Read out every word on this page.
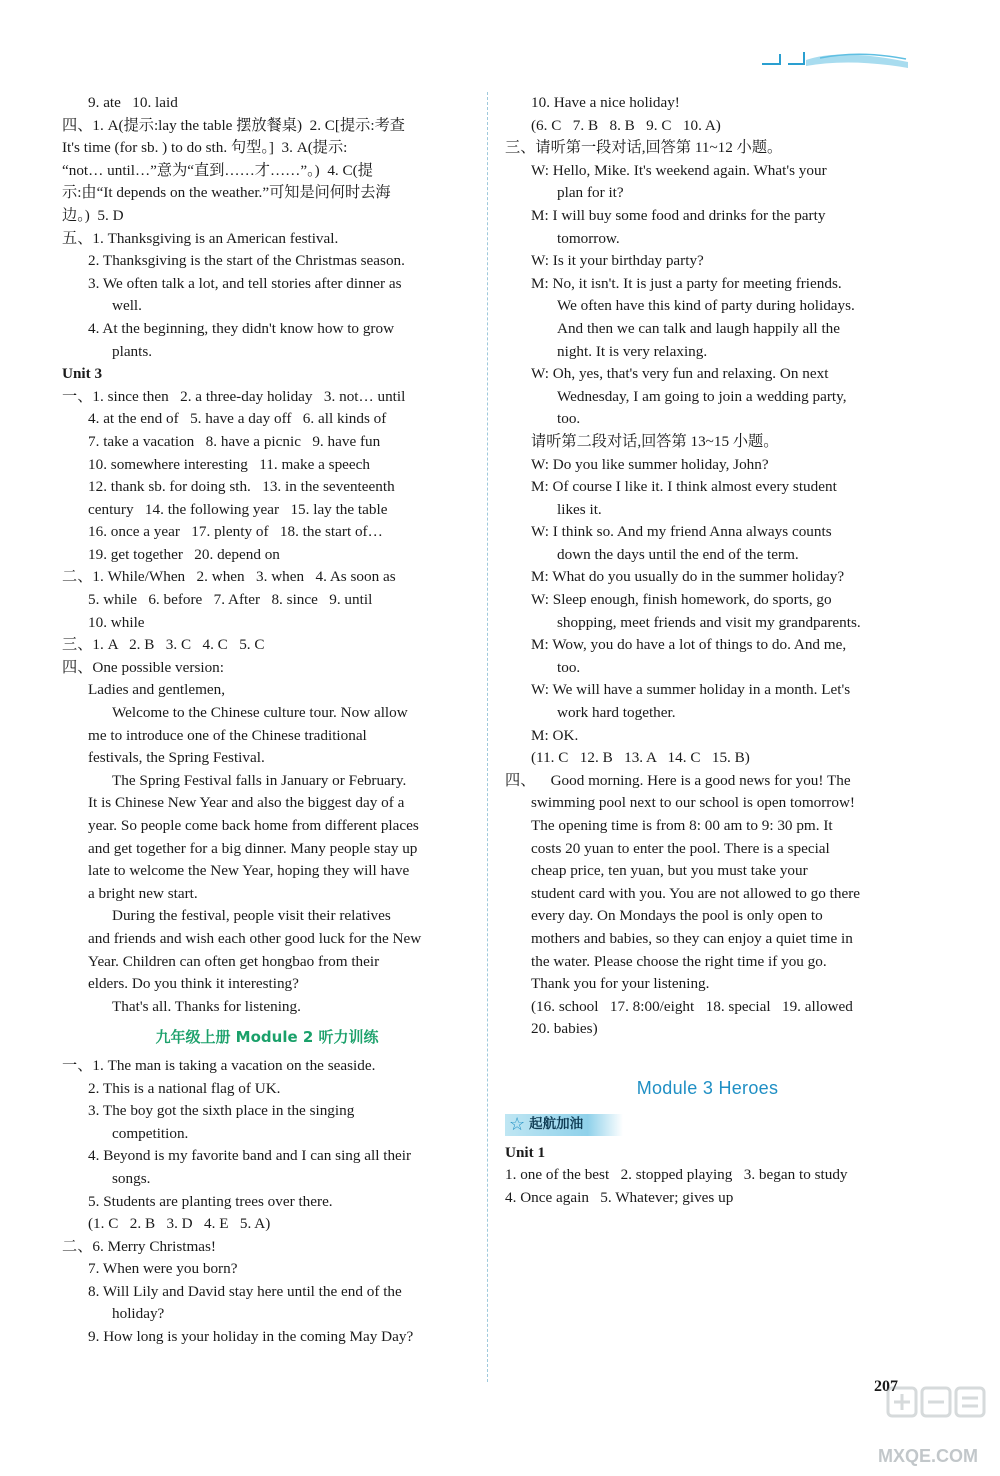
9. ate   10. laid
四、1. A(提示:lay the table 摆放餐桌)  2. C[提示:考查
It's time (for sb. ) to do sth. 句型。]  3. A(提示:
“not… until…”意为“直到……才……”。)  4. C(提
示:由“It depends on the weather.”可知是问何时去海
边。)  5. D
五、1. Thanksgiving is an American festival.
2. Thanksgiving is the start of the Christmas season.
3. We often talk a lot, and tell stories after dinner as
well.
4. At the beginning, they didn't know how to grow
plants.
Unit 3
一、1. since then   2. a three-day holiday   3. not… until
4. at the end of   5. have a day off   6. all kinds of
7. take a vacation   8. have a picnic   9. have fun
10. somewhere interesting   11. make a speech
12. thank sb. for doing sth.   13. in the seventeenth
century   14. the following year   15. lay the table
16. once a year   17. plenty of   18. the start of…
19. get together   20. depend on
二、1. While/When   2. when   3. when   4. As soon as
5. while   6. before   7. After   8. since   9. until
10. while
三、1. A   2. B   3. C   4. C   5. C
四、One possible version:
Ladies and gentlemen,
Welcome to the Chinese culture tour. Now allow
me to introduce one of the Chinese traditional
festivals, the Spring Festival.
The Spring Festival falls in January or February.
It is Chinese New Year and also the biggest day of a
year. So people come back home from different places
and get together for a big dinner. Many people stay up
late to welcome the New Year, hoping they will have
a bright new start.
During the festival, people visit their relatives
and friends and wish each other good luck for the New
Year. Children can often get hongbao from their
elders. Do you think it interesting?
That's all. Thanks for listening.
九年级上册 Module 2 听力训练
一、1. The man is taking a vacation on the seaside.
2. This is a national flag of UK.
3. The boy got the sixth place in the singing
competition.
4. Beyond is my favorite band and I can sing all their
songs.
5. Students are planting trees over there.
(1. C   2. B   3. D   4. E   5. A)
二、6. Merry Christmas!
7. When were you born?
8. Will Lily and David stay here until the end of the
holiday?
9. How long is your holiday in the coming May Day?
10. Have a nice holiday!
(6. C   7. B   8. B   9. C   10. A)
三、请听第一段对话,回答第 11~12 小题。
W: Hello, Mike. It's weekend again. What's your
plan for it?
M: I will buy some food and drinks for the party
tomorrow.
W: Is it your birthday party?
M: No, it isn't. It is just a party for meeting friends.
We often have this kind of party during holidays.
And then we can talk and laugh happily all the
night. It is very relaxing.
W: Oh, yes, that's very fun and relaxing. On next
Wednesday, I am going to join a wedding party,
too.
请听第二段对话,回答第 13~15 小题。
W: Do you like summer holiday, John?
M: Of course I like it. I think almost every student
likes it.
W: I think so. And my friend Anna always counts
down the days until the end of the term.
M: What do you usually do in the summer holiday?
W: Sleep enough, finish homework, do sports, go
shopping, meet friends and visit my grandparents.
M: Wow, you do have a lot of things to do. And me,
too.
W: We will have a summer holiday in a month. Let's
work hard together.
M: OK.
(11. C   12. B   13. A   14. C   15. B)
四、    Good morning. Here is a good news for you! The
swimming pool next to our school is open tomorrow!
The opening time is from 8: 00 am to 9: 30 pm. It
costs 20 yuan to enter the pool. There is a special
cheap price, ten yuan, but you must take your
student card with you. You are not allowed to go there
every day. On Mondays the pool is only open to
mothers and babies, so they can enjoy a quiet time in
the water. Please choose the right time if you go.
Thank you for your listening.
(16. school   17. 8:00/eight   18. special   19. allowed
20. babies)
Module 3 Heroes
☆ 起航加油
Unit 1
1. one of the best   2. stopped playing   3. began to study
4. Once again   5. Whatever; gives up
207
MXQE.COM
